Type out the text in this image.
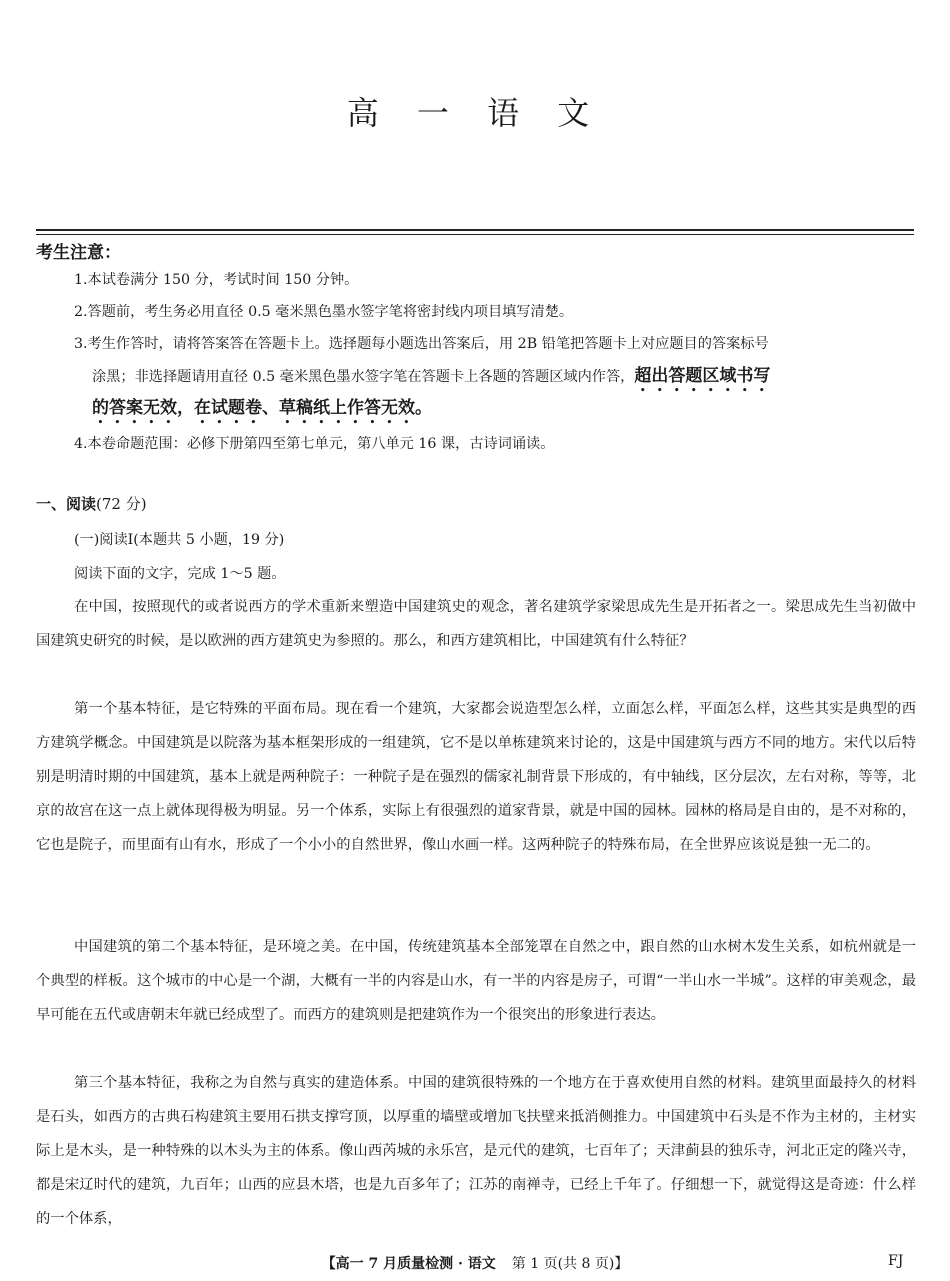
高 一 语 文
考生注意：
1.本试卷满分 150 分，考试时间 150 分钟。
2.答题前，考生务必用直径 0.5 毫米黑色墨水签字笔将密封线内项目填写清楚。
3.考生作答时，请将答案答在答题卡上。选择题每小题选出答案后，用 2B 铅笔把答题卡上对应题目的答案标号
涂黑；非选择题请用直径 0.5 毫米黑色墨水签字笔在答题卡上各题的答题区域内作答，超出答题区域书写
的答案无效，在试题卷、草稿纸上作答无效。
4.本卷命题范围：必修下册第四至第七单元，第八单元 16 课，古诗词诵读。
一、阅读(72 分)
(一)阅读Ⅰ(本题共 5 小题，19 分)
阅读下面的文字，完成 1～5 题。

在中国，按照现代的或者说西方的学术重新来塑造中国建筑史的观念，著名建筑学家梁思成先生是开拓者之一。梁思成先生当初做中国建筑史研究的时候，是以欧洲的西方建筑史为参照的。那么，和西方建筑相比，中国建筑有什么特征？

第一个基本特征，是它特殊的平面布局。现在看一个建筑，大家都会说造型怎么样，立面怎么样，平面怎么样，这些其实是典型的西方建筑学概念。中国建筑是以院落为基本框架形成的一组建筑，它不是以单栋建筑来讨论的，这是中国建筑与西方不同的地方。宋代以后特别是明清时期的中国建筑，基本上就是两种院子：一种院子是在强烈的儒家礼制背景下形成的，有中轴线，区分层次，左右对称，等等，北京的故宫在这一点上就体现得极为明显。另一个体系，实际上有很强烈的道家背景，就是中国的园林。园林的格局是自由的，是不对称的，它也是院子，而里面有山有水，形成了一个小小的自然世界，像山水画一样。这两种院子的特殊布局，在全世界应该说是独一无二的。

中国建筑的第二个基本特征，是环境之美。在中国，传统建筑基本全部笼罩在自然之中，跟自然的山水树木发生关系，如杭州就是一个典型的样板。这个城市的中心是一个湖，大概有一半的内容是山水，有一半的内容是房子，可谓“一半山水一半城”。这样的审美观念，最早可能在五代或唐朝末年就已经成型了。而西方的建筑则是把建筑作为一个很突出的形象进行表达。

第三个基本特征，我称之为自然与真实的建造体系。中国的建筑很特殊的一个地方在于喜欢使用自然的材料。建筑里面最持久的材料是石头，如西方的古典石构建筑主要用石拱支撑穹顶，以厚重的墙壁或增加飞扶壁来抵消侧推力。中国建筑中石头是不作为主材的，主材实际上是木头，是一种特殊的以木头为主的体系。像山西芮城的永乐宫，是元代的建筑，七百年了；天津蓟县的独乐寺，河北正定的隆兴寺，都是宋辽时代的建筑，九百年；山西的应县木塔，也是九百多年了；江苏的南禅寺，已经上千年了。仔细想一下，就觉得这是奇迹：什么样的一个体系，

【高一 7 月质量检测 · 语文 第 1 页(共 8 页)】	FJ
